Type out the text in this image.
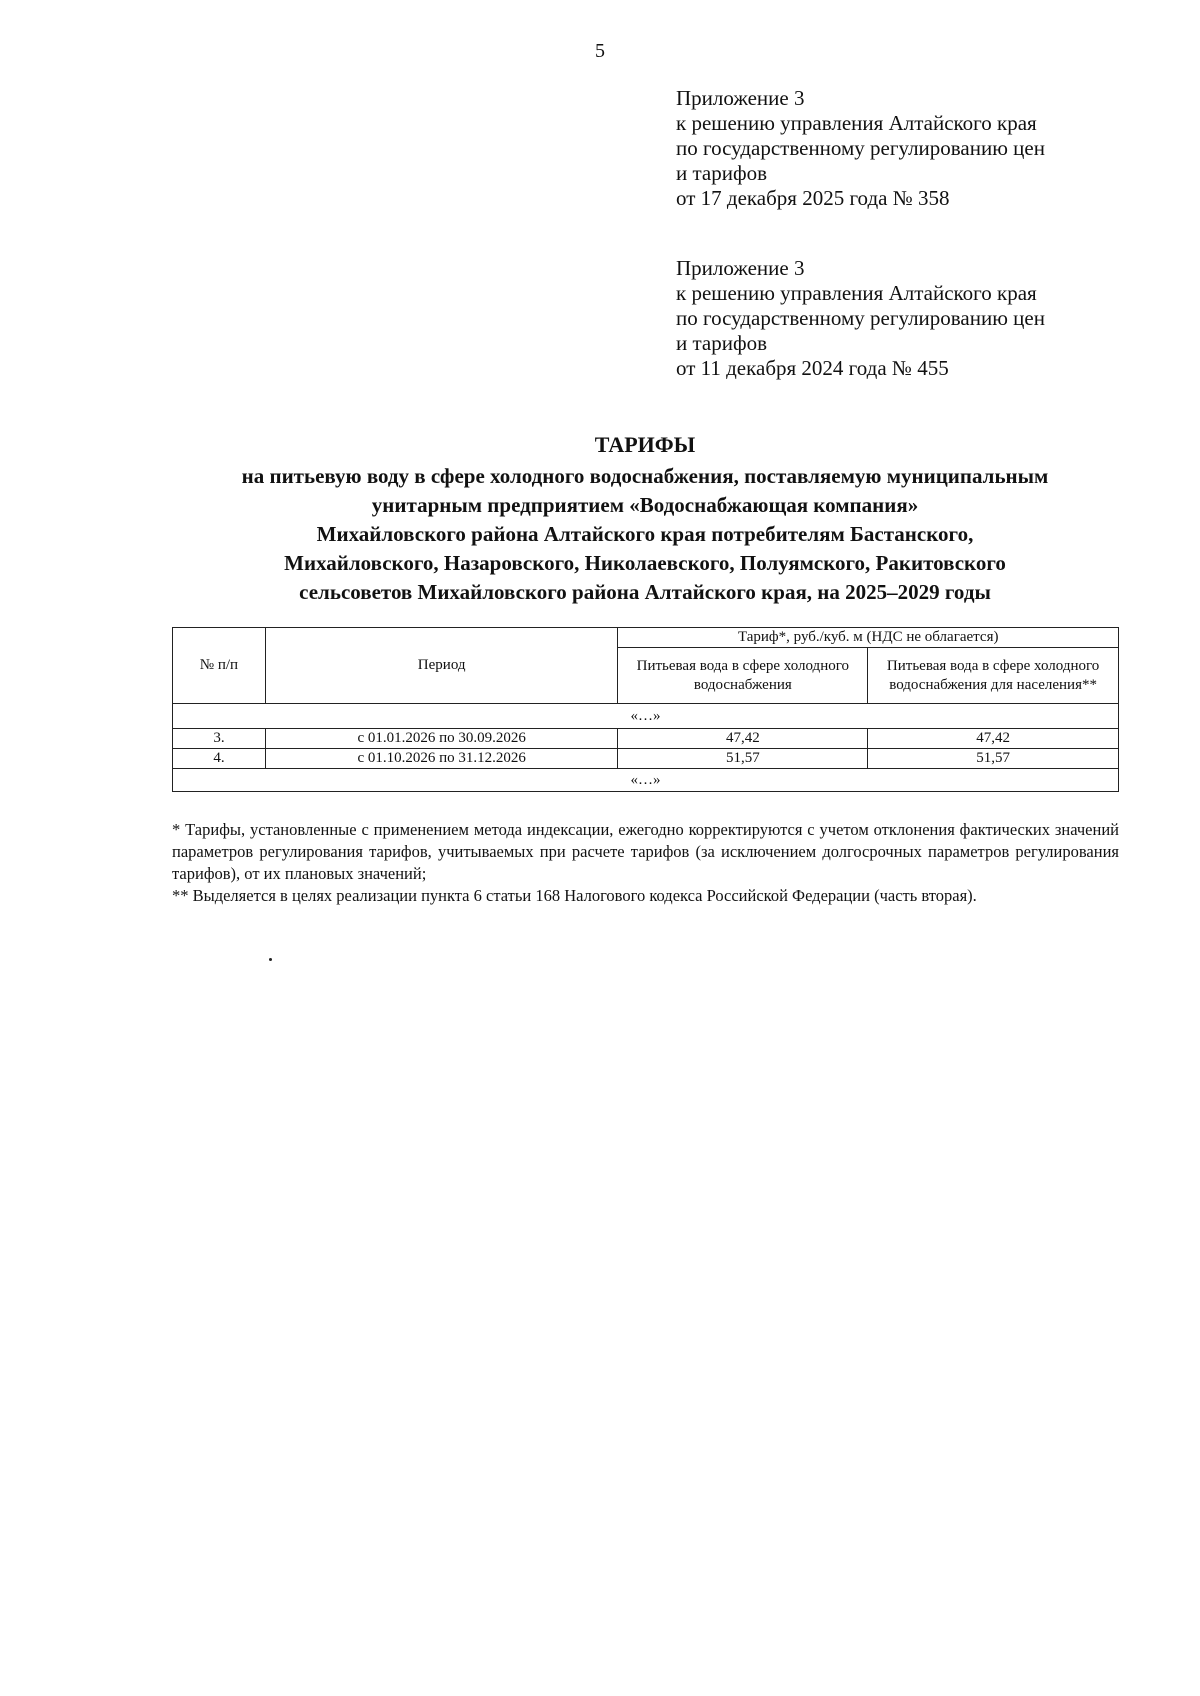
5
Приложение 3
к решению управления Алтайского края
по государственному регулированию цен
и тарифов
от 17 декабря 2025 года № 358
Приложение 3
к решению управления Алтайского края
по государственному регулированию цен
и тарифов
от 11 декабря 2024 года № 455
ТАРИФЫ
на питьевую воду в сфере холодного водоснабжения, поставляемую муниципальным
унитарным предприятием «Водоснабжающая компания»
Михайловского района Алтайского края потребителям Бастанского,
Михайловского, Назаровского, Николаевского, Полуямского, Ракитовского
сельсоветов Михайловского района Алтайского края, на 2025–2029 годы
№ п/п	Период	Тариф*, руб./куб. м (НДС не облагается)	
		Питьевая вода в сфере холодного водоснабжения	Питьевая вода в сфере холодного водоснабжения для населения**
«…»			
3.	с 01.01.2026 по 30.09.2026	47,42	47,42
4.	с 01.10.2026 по 31.12.2026	51,57	51,57
«…»			

* Тарифы, установленные с применением метода индексации, ежегодно корректируются с учетом отклонения фактических значений параметров регулирования тарифов, учитываемых при расчете тарифов (за исключением долгосрочных параметров регулирования тарифов), от их плановых значений;

** Выделяется в целях реализации пункта 6 статьи 168 Налогового кодекса Российской Федерации (часть вторая).
